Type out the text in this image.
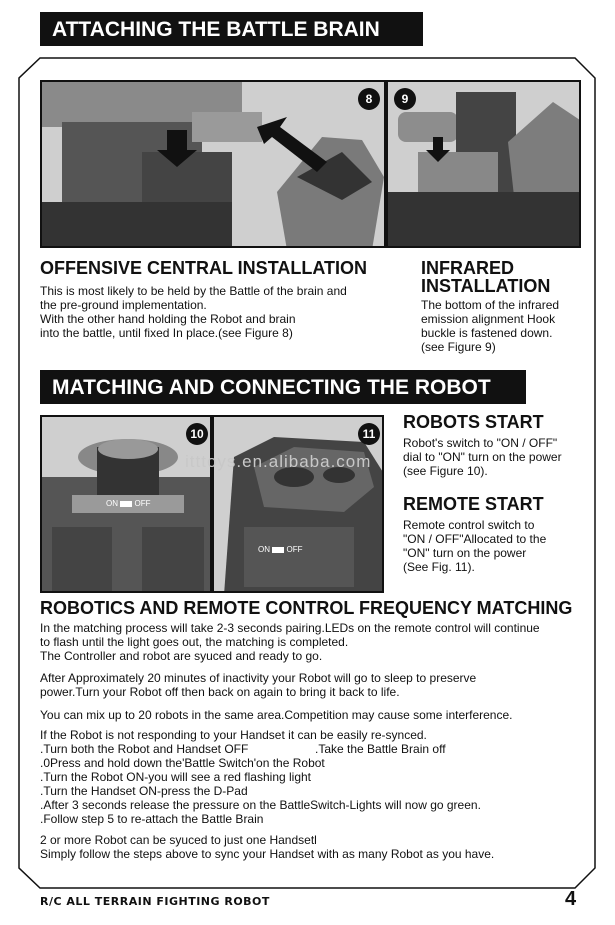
ATTACHING THE BATTLE BRAIN
8	9
OFFENSIVE CENTRAL INSTALLATION
This is most likely to be held by the Battle of the brain and
the pre-ground implementation.
With the other hand holding the Robot and brain
into the battle, until fixed In place.(see Figure 8)
INFRARED
INSTALLATION
The bottom of the infrared
emission alignment Hook
buckle is fastened down.
(see Figure 9)
MATCHING AND CONNECTING THE ROBOT
10
ON OFF
11
ON OFF
itttoys.en.alibaba.com
ROBOTS START
Robot's switch to "ON / OFF"
dial to "ON" turn on the power
(see Figure 10).
REMOTE START
Remote control switch to
"ON / OFF"Allocated to the
"ON" turn on the power
(See Fig. 11).
ROBOTICS AND REMOTE CONTROL FREQUENCY MATCHING
In the matching process will take 2-3 seconds pairing.LEDs on the remote control will continue
to flash until the light goes out, the matching is completed.
The Controller and robot are syuced and ready to go.
After Approximately 20 minutes of inactivity your Robot will go to sleep to preserve
power.Turn your Robot off then back on again to bring it back to life.
You can mix up to 20 robots in the same area.Competition may cause some interference.
If the Robot is not responding to your Handset it can be easily re-synced.
.Turn both the Robot and Handset OFF	.Take the Battle Brain off
.0Press and hold down the'Battle Switch'on the Robot
.Turn the Robot ON-you will see a red flashing light
.Turn the Handset ON-press the D-Pad
.After 3 seconds release the pressure on the BattleSwitch-Lights will now go green.
.Follow step 5 to re-attach the Battle Brain
2 or more Robot can be syuced to just one Handsetl
Simply follow the steps above to sync your Handset with as many Robot as you have.
R/C ALL TERRAIN FIGHTING ROBOT	4
